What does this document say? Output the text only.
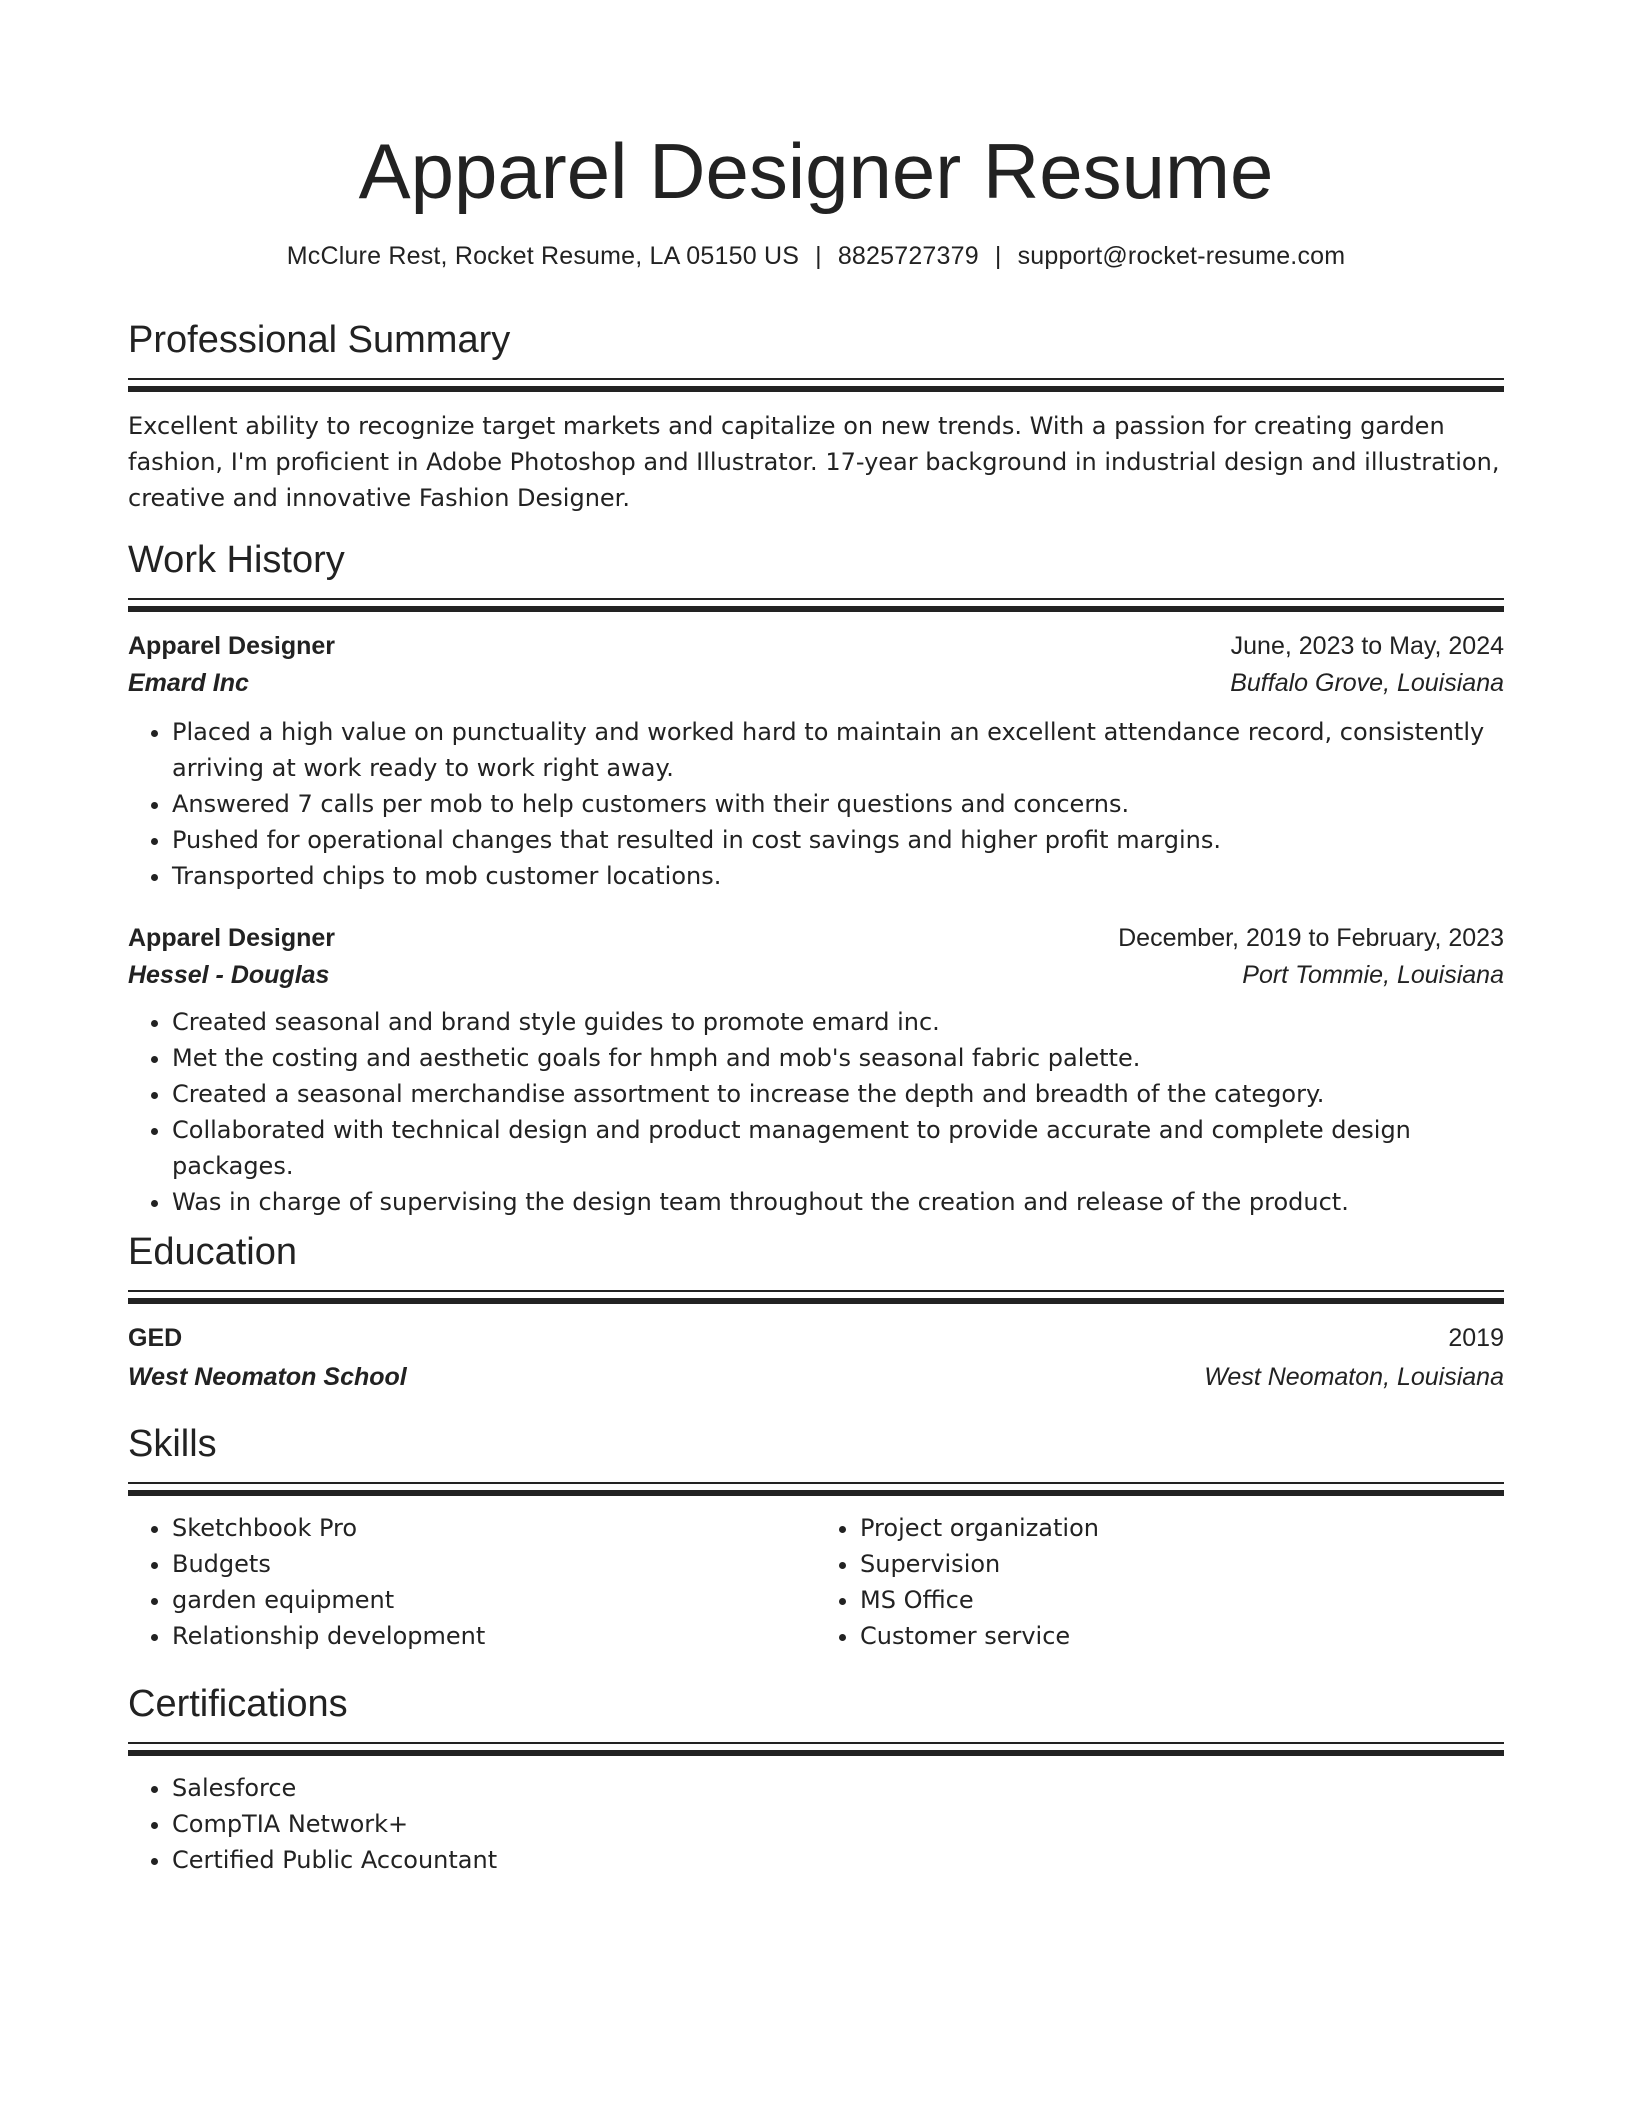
Apparel Designer Resume
McClure Rest, Rocket Resume, LA 05150 US | 8825727379 | support@rocket-resume.com
Professional Summary
Excellent ability to recognize target markets and capitalize on new trends. With a passion for creating garden fashion, I'm proficient in Adobe Photoshop and Illustrator. 17-year background in industrial design and illustration, creative and innovative Fashion Designer.
Work History
Apparel Designer	June, 2023 to May, 2024
Emard Inc	Buffalo Grove, Louisiana
• Placed a high value on punctuality and worked hard to maintain an excellent attendance record, consistently arriving at work ready to work right away.
• Answered 7 calls per mob to help customers with their questions and concerns.
• Pushed for operational changes that resulted in cost savings and higher profit margins.
• Transported chips to mob customer locations.
Apparel Designer	December, 2019 to February, 2023
Hessel - Douglas	Port Tommie, Louisiana
• Created seasonal and brand style guides to promote emard inc.
• Met the costing and aesthetic goals for hmph and mob's seasonal fabric palette.
• Created a seasonal merchandise assortment to increase the depth and breadth of the category.
• Collaborated with technical design and product management to provide accurate and complete design packages.
• Was in charge of supervising the design team throughout the creation and release of the product.
Education
GED	2019
West Neomaton School	West Neomaton, Louisiana
Skills
• Sketchbook Pro
• Budgets
• garden equipment
• Relationship development
• Project organization
• Supervision
• MS Office
• Customer service
Certifications
• Salesforce
• CompTIA Network+
• Certified Public Accountant
